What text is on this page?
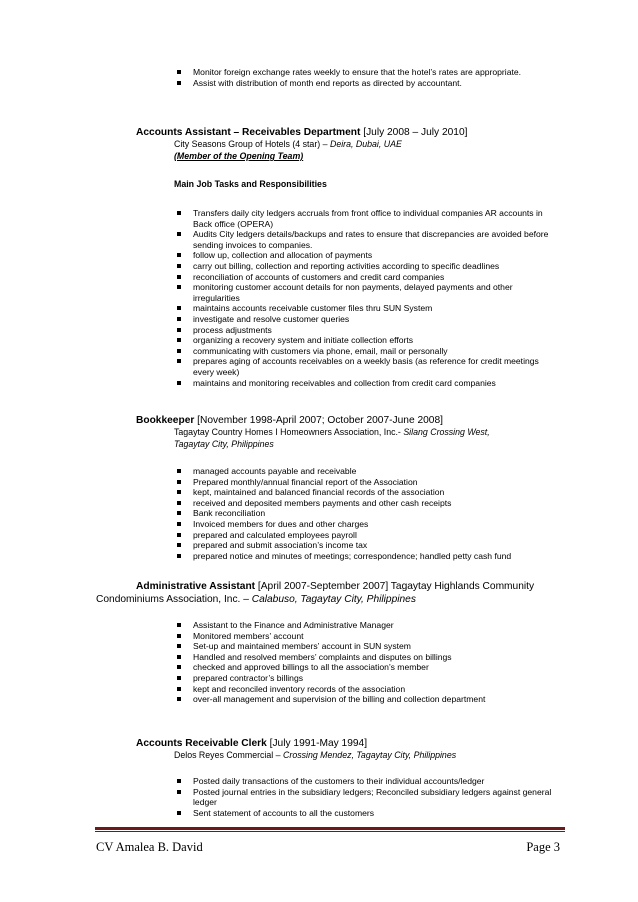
Monitor foreign exchange rates weekly to ensure that the hotel’s rates are appropriate.
Assist with distribution of month end reports as directed by accountant.
Accounts Assistant – Receivables Department [July 2008 – July 2010]
City Seasons Group of Hotels (4 star) – Deira, Dubai, UAE
(Member of the Opening Team)
Main Job Tasks and Responsibilities
Transfers daily city ledgers accruals from front office to individual companies AR accounts in Back office (OPERA)
Audits City ledgers details/backups and rates to ensure that discrepancies are avoided before sending invoices to companies.
follow up, collection and allocation of payments
carry out billing, collection and reporting activities according to specific deadlines
reconciliation of accounts of customers and credit card companies
monitoring customer account details for non payments, delayed payments and other irregularities
maintains accounts receivable customer files thru SUN System
investigate and resolve customer queries
process adjustments
organizing a recovery system and initiate collection efforts
communicating with customers via phone, email, mail or personally
prepares aging of accounts receivables on a weekly basis (as reference for credit meetings every week)
maintains and monitoring receivables and collection from credit card companies
Bookkeeper [November 1998-April 2007; October 2007-June 2008]
Tagaytay Country Homes I Homeowners Association, Inc.- Silang Crossing West,
Tagaytay City, Philippines
managed accounts payable and receivable
Prepared monthly/annual financial report of the Association
kept, maintained and balanced financial records of the association
received and deposited members payments and other cash receipts
Bank reconciliation
Invoiced members for dues and other charges
prepared and calculated employees payroll
prepared and submit association’s income tax
prepared notice and minutes of meetings; correspondence; handled petty cash fund
Administrative Assistant [April 2007-September 2007] Tagaytay Highlands Community
Condominiums Association, Inc. – Calabuso, Tagaytay City, Philippines
Assistant to the Finance and Administrative Manager
Monitored members’ account
Set-up and maintained members’ account in SUN system
Handled and resolved members’ complaints and disputes on billings
checked and approved billings to all the association’s member
prepared contractor’s billings
kept and reconciled inventory records of the association
over-all management and supervision of the billing and collection department
Accounts Receivable Clerk [July 1991-May 1994]
Delos Reyes Commercial – Crossing Mendez, Tagaytay City, Philippines
Posted daily transactions of the customers to their individual accounts/ledger
Posted journal entries in the subsidiary ledgers; Reconciled subsidiary ledgers against general ledger
Sent statement of accounts to all the customers
CV Amalea B. David	Page 3
